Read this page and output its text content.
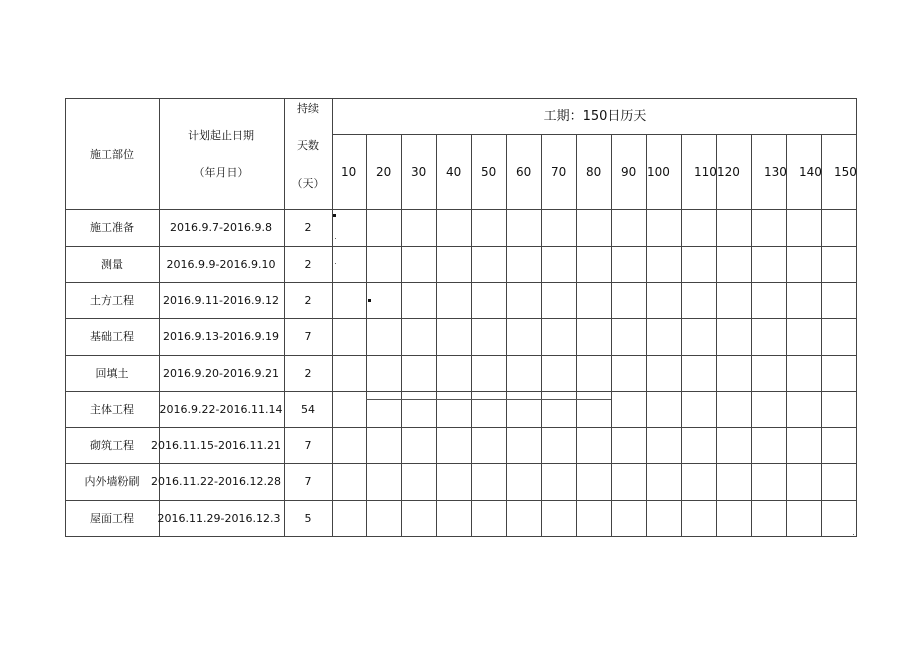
施工部位
计划起止日期
（年月日）
持续
天数
（天）
工期：150日历天
10 20 30 40 50 60 70 80 90 100 110 120 130 140 150
施工准备	2016.9.7-2016.9.8	2
测量	2016.9.9-2016.9.10	2
土方工程	2016.9.11-2016.9.12 2
基础工程	2016.9.13-2016.9.19 7
回填土	2016.9.20-2016.9.21 2
主体工程 2016.9.22-2016.11.14 54
砌筑工程 2016.11.15-2016.11.21 7
内外墙粉刷 2016.11.22-2016.12.28 7
屋面工程 2016.11.29-2016.12.3 5
